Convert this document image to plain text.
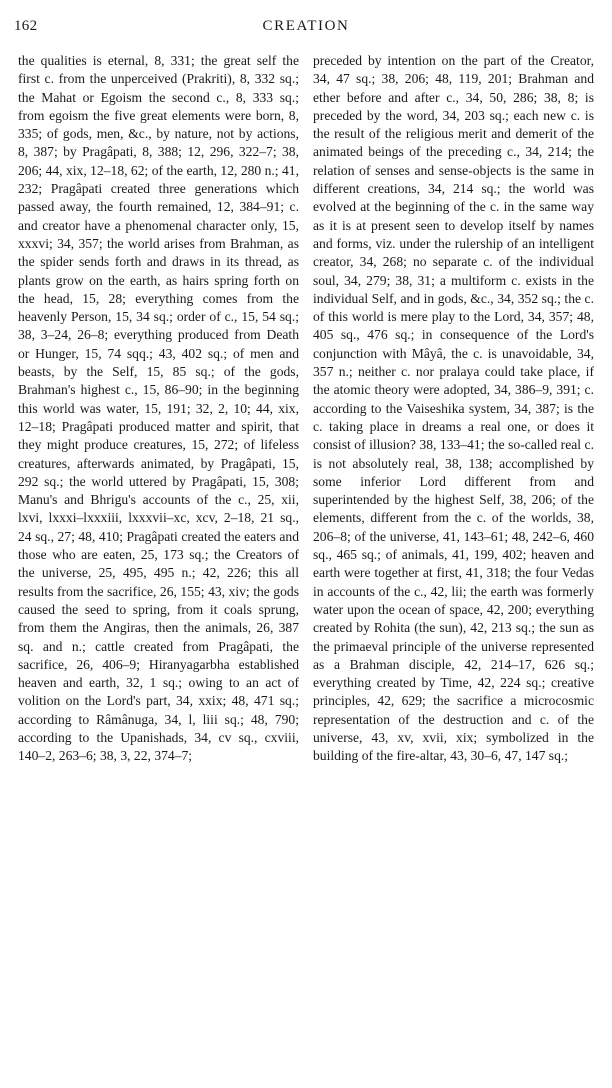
162	CREATION

the qualities is eternal, 8, 331; the great self the first c. from the unperceived (Prakriti), 8, 332 sq.; the Mahat or Egoism the second c., 8, 333 sq.; from egoism the five great elements were born, 8, 335; of gods, men, &c., by nature, not by actions, 8, 387; by Pragâpati, 8, 388; 12, 296, 322–7; 38, 206; 44, xix, 12–18, 62; of the earth, 12, 280 n.; 41, 232; Pragâpati created three generations which passed away, the fourth remained, 12, 384–91; c. and creator have a phenomenal character only, 15, xxxvi; 34, 357; the world arises from Brahman, as the spider sends forth and draws in its thread, as plants grow on the earth, as hairs spring forth on the head, 15, 28; everything comes from the heavenly Person, 15, 34 sq.; order of c., 15, 54 sq.; 38, 3–24, 26–8; everything produced from Death or Hunger, 15, 74 sqq.; 43, 402 sq.; of men and beasts, by the Self, 15, 85 sq.; of the gods, Brahman's highest c., 15, 86–90; in the beginning this world was water, 15, 191; 32, 2, 10; 44, xix, 12–18; Pragâpati produced matter and spirit, that they might produce creatures, 15, 272; of lifeless creatures, afterwards animated, by Pragâpati, 15, 292 sq.; the world uttered by Pragâpati, 15, 308; Manu's and Bhrigu's accounts of the c., 25, xii, lxvi, lxxxi–lxxxiii, lxxxvii–xc, xcv, 2–18, 21 sq., 24 sq., 27; 48, 410; Pragâpati created the eaters and those who are eaten, 25, 173 sq.; the Creators of the universe, 25, 495, 495 n.; 42, 226; this all results from the sacrifice, 26, 155; 43, xiv; the gods caused the seed to spring, from it coals sprung, from them the Angiras, then the animals, 26, 387 sq. and n.; cattle created from Pragâpati, the sacrifice, 26, 406–9; Hiranyagarbha established heaven and earth, 32, 1 sq.; owing to an act of volition on the Lord's part, 34, xxix; 48, 471 sq.; according to Râmânuga, 34, l, liii sq.; 48, 790; according to the Upanishads, 34, cv sq., cxviii, 140–2, 263–6; 38, 3, 22, 374–7;

preceded by intention on the part of the Creator, 34, 47 sq.; 38, 206; 48, 119, 201; Brahman and ether before and after c., 34, 50, 286; 38, 8; is preceded by the word, 34, 203 sq.; each new c. is the result of the religious merit and demerit of the animated beings of the preceding c., 34, 214; the relation of senses and sense-objects is the same in different creations, 34, 214 sq.; the world was evolved at the beginning of the c. in the same way as it is at present seen to develop itself by names and forms, viz. under the rulership of an intelligent creator, 34, 268; no separate c. of the individual soul, 34, 279; 38, 31; a multiform c. exists in the individual Self, and in gods, &c., 34, 352 sq.; the c. of this world is mere play to the Lord, 34, 357; 48, 405 sq., 476 sq.; in consequence of the Lord's conjunction with Mâyâ, the c. is unavoidable, 34, 357 n.; neither c. nor pralaya could take place, if the atomic theory were adopted, 34, 386–9, 391; c. according to the Vaiseshika system, 34, 387; is the c. taking place in dreams a real one, or does it consist of illusion? 38, 133–41; the so-called real c. is not absolutely real, 38, 138; accomplished by some inferior Lord different from and superintended by the highest Self, 38, 206; of the elements, different from the c. of the worlds, 38, 206–8; of the universe, 41, 143–61; 48, 242–6, 460 sq., 465 sq.; of animals, 41, 199, 402; heaven and earth were together at first, 41, 318; the four Vedas in accounts of the c., 42, lii; the earth was formerly water upon the ocean of space, 42, 200; everything created by Rohita (the sun), 42, 213 sq.; the sun as the primaeval principle of the universe represented as a Brahman disciple, 42, 214–17, 626 sq.; everything created by Time, 42, 224 sq.; creative principles, 42, 629; the sacrifice a microcosmic representation of the destruction and c. of the universe, 43, xv, xvii, xix; symbolized in the building of the fire-altar, 43, 30–6, 47, 147 sq.;
